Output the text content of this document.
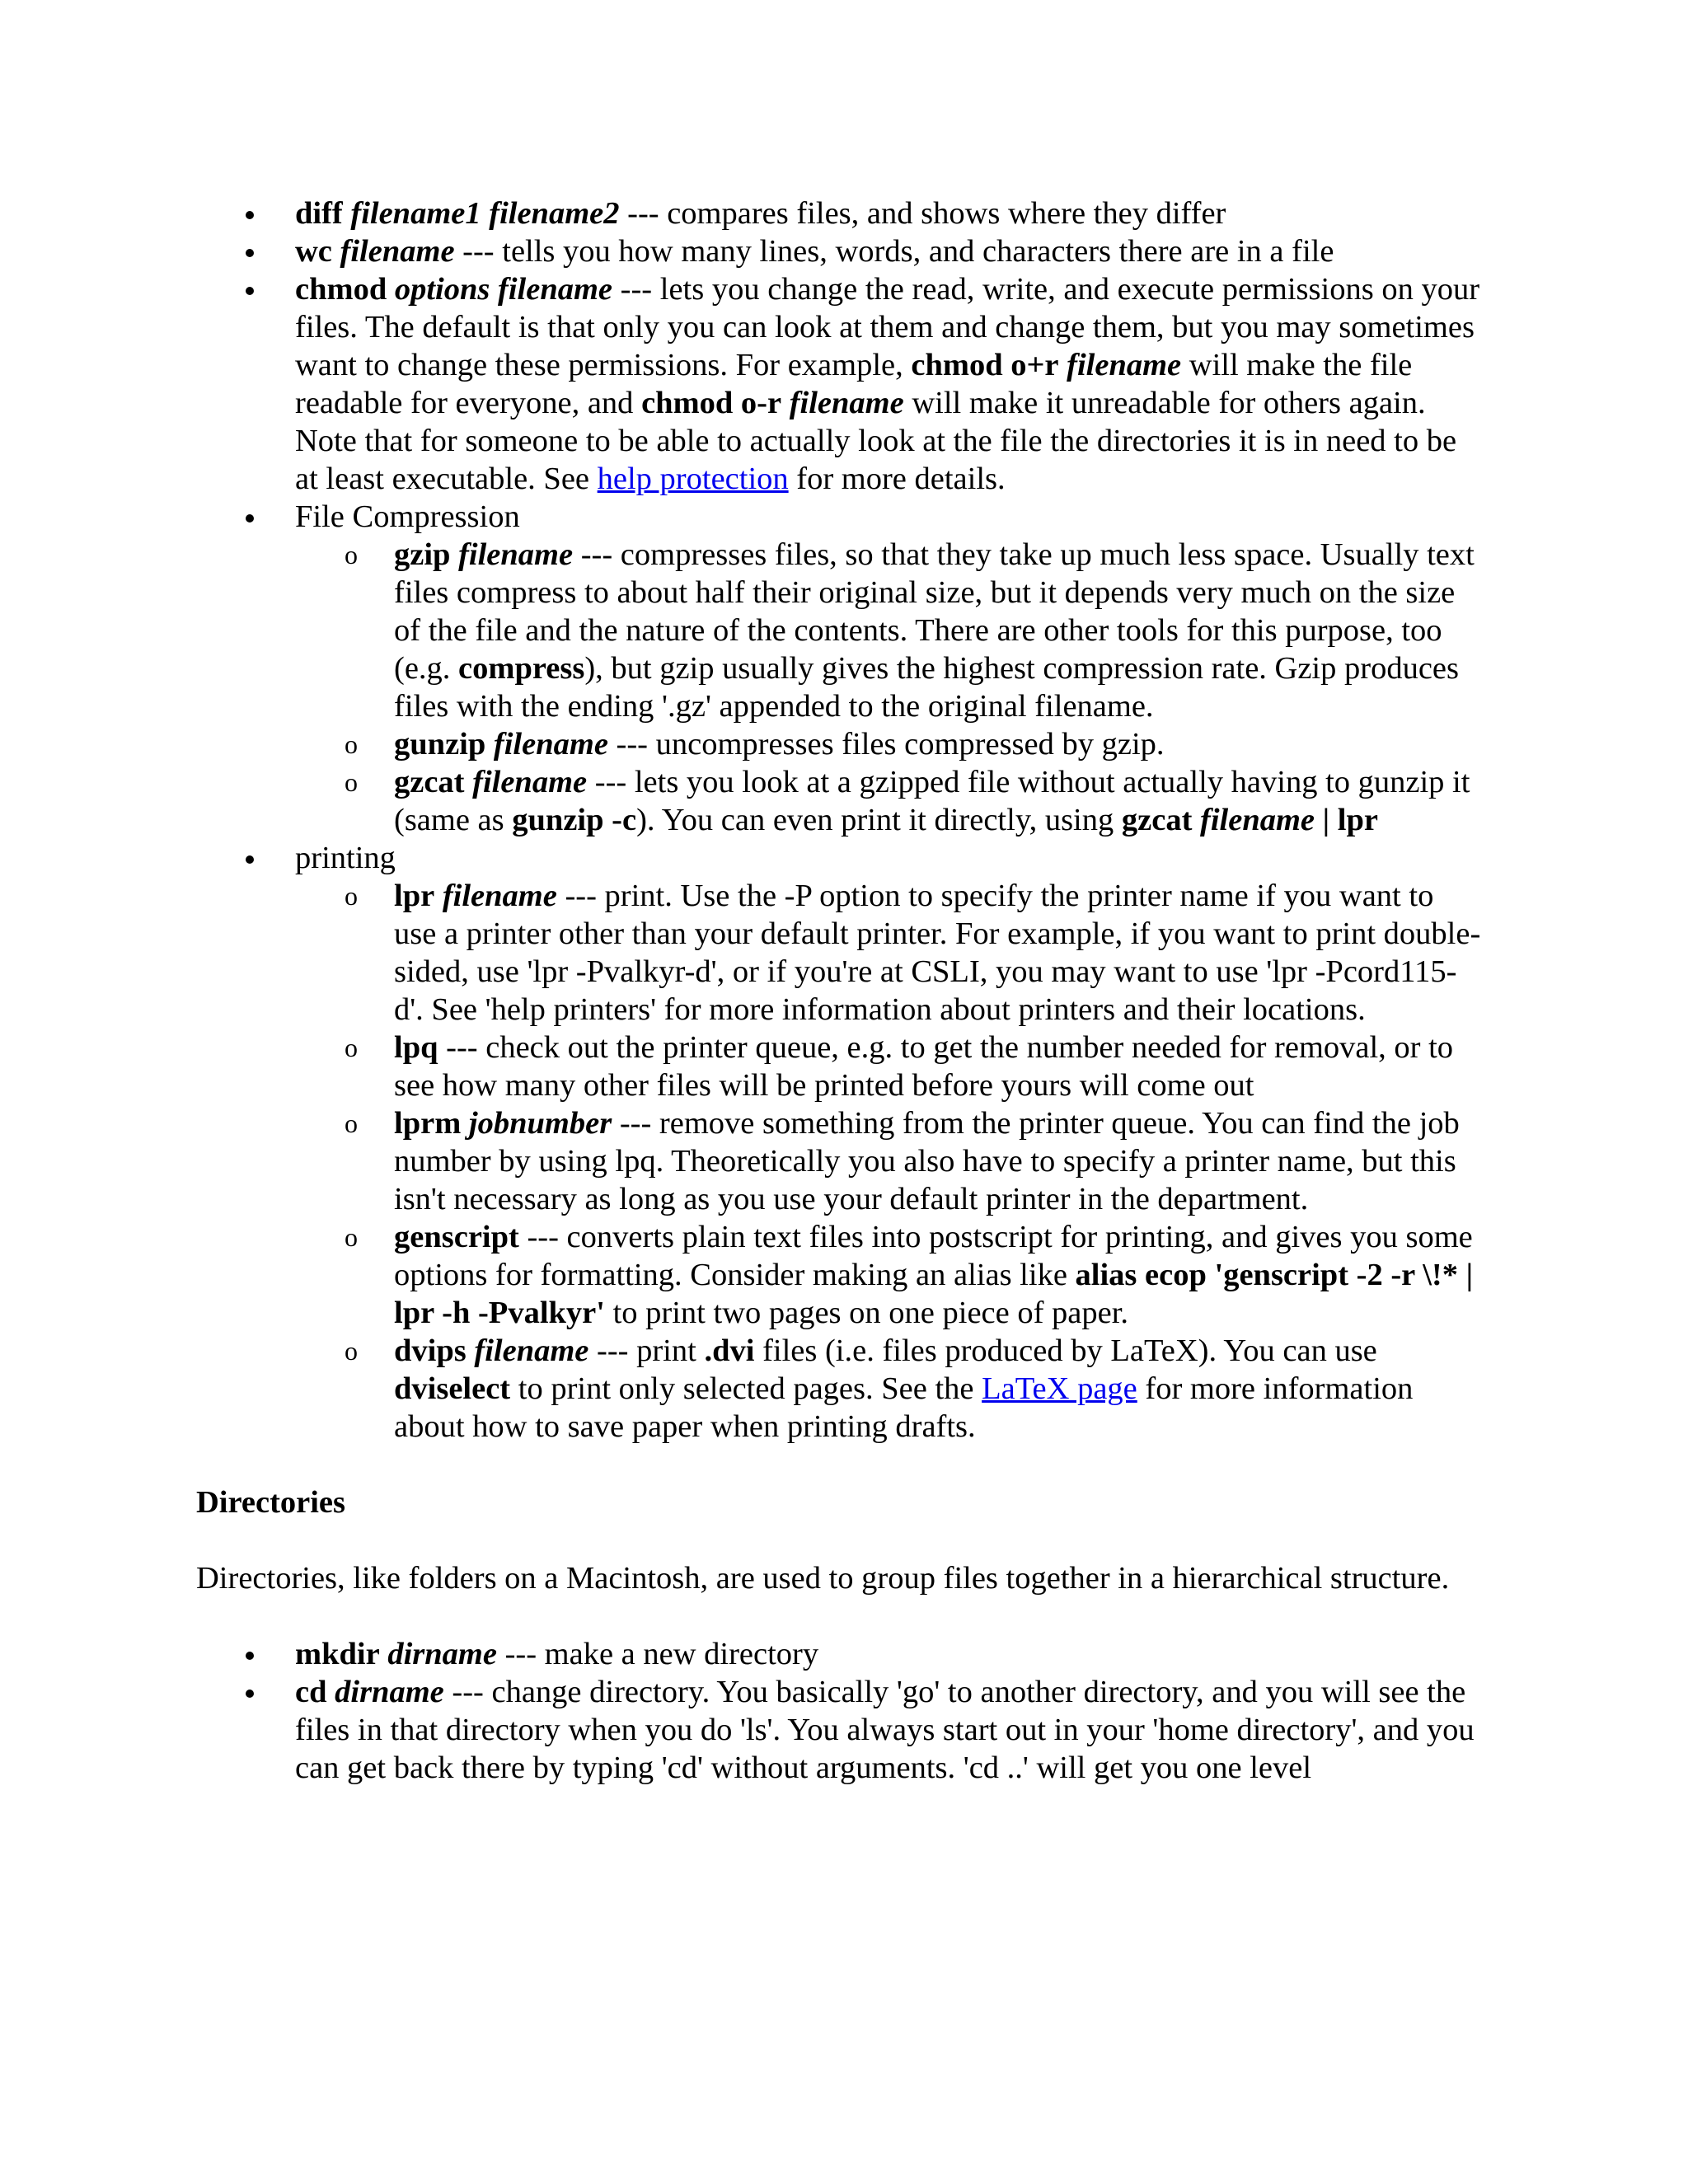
diff filename1 filename2 --- compares files, and shows where they differ
wc filename --- tells you how many lines, words, and characters there are in a file
chmod options filename --- lets you change the read, write, and execute permissions on your files. The default is that only you can look at them and change them, but you may sometimes want to change these permissions. For example, chmod o+r filename will make the file readable for everyone, and chmod o-r filename will make it unreadable for others again. Note that for someone to be able to actually look at the file the directories it is in need to be at least executable. See help protection for more details.
File Compression
o gzip filename --- compresses files, so that they take up much less space. Usually text files compress to about half their original size, but it depends very much on the size of the file and the nature of the contents. There are other tools for this purpose, too (e.g. compress), but gzip usually gives the highest compression rate. Gzip produces files with the ending '.gz' appended to the original filename.
o gunzip filename --- uncompresses files compressed by gzip.
o gzcat filename --- lets you look at a gzipped file without actually having to gunzip it (same as gunzip -c). You can even print it directly, using gzcat filename | lpr
printing
o lpr filename --- print. Use the -P option to specify the printer name if you want to use a printer other than your default printer. For example, if you want to print double-sided, use 'lpr -Pvalkyr-d', or if you're at CSLI, you may want to use 'lpr -Pcord115-d'. See 'help printers' for more information about printers and their locations.
o lpq --- check out the printer queue, e.g. to get the number needed for removal, or to see how many other files will be printed before yours will come out
o lprm jobnumber --- remove something from the printer queue. You can find the job number by using lpq. Theoretically you also have to specify a printer name, but this isn't necessary as long as you use your default printer in the department.
o genscript --- converts plain text files into postscript for printing, and gives you some options for formatting. Consider making an alias like alias ecop 'genscript -2 -r \!* | lpr -h -Pvalkyr' to print two pages on one piece of paper.
o dvips filename --- print .dvi files (i.e. files produced by LaTeX). You can use dviselect to print only selected pages. See the LaTeX page for more information about how to save paper when printing drafts.
Directories

Directories, like folders on a Macintosh, are used to group files together in a hierarchical structure.

mkdir dirname --- make a new directory
cd dirname --- change directory. You basically 'go' to another directory, and you will see the files in that directory when you do 'ls'. You always start out in your 'home directory', and you can get back there by typing 'cd' without arguments. 'cd ..' will get you one level
